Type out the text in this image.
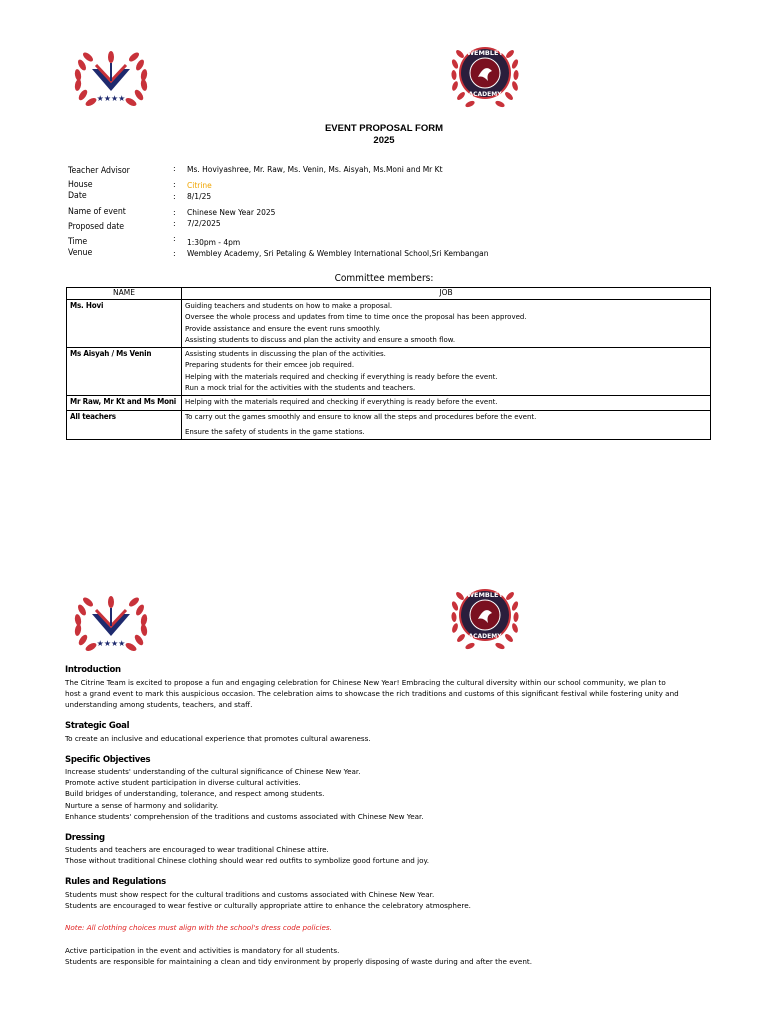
★★★★
WEMBLEY
ACADEMY
EVENT PROPOSAL FORM
2025
Teacher Advisor	: Ms. Hoviyashree, Mr. Raw, Ms. Venin, Ms. Aisyah, Ms.Moni and Mr Kt
House	: Citrine
Date	: 8/1/25
Name of event	: Chinese New Year 2025
Proposed date	: 7/2/2025
Time	: 1:30pm - 4pm
Venue	: Wembley Academy, Sri Petaling & Wembley International School,Sri Kembangan
Committee members:
NAME	JOB
Ms. Hovi	Guiding teachers and students on how to make a proposal.
Oversee the whole process and updates from time to time once the proposal has been approved.
Provide assistance and ensure the event runs smoothly.
Assisting students to discuss and plan the activity and ensure a smooth flow.

Ms Aisyah / Ms Venin	Assisting students in discussing the plan of the activities.
Preparing students for their emcee job required.
Helping with the materials required and checking if everything is ready before the event.
Run a mock trial for the activities with the students and teachers.

Mr Raw, Mr Kt and Ms Moni	Helping with the materials required and checking if everything is ready before the event.

All teachers	To carry out the games smoothly and ensure to know all the steps and procedures before the event.
Ensure the safety of students in the game stations.
★★★★
WEMBLEY
ACADEMY
Introduction
The Citrine Team is excited to propose a fun and engaging celebration for Chinese New Year! Embracing the cultural diversity within our school community, we plan to
host a grand event to mark this auspicious occasion. The celebration aims to showcase the rich traditions and customs of this significant festival while fostering unity and
understanding among students, teachers, and staff.
Strategic Goal
To create an inclusive and educational experience that promotes cultural awareness.
Specific Objectives
Increase students' understanding of the cultural significance of Chinese New Year.
Promote active student participation in diverse cultural activities.
Build bridges of understanding, tolerance, and respect among students.
Nurture a sense of harmony and solidarity.
Enhance students' comprehension of the traditions and customs associated with Chinese New Year.
Dressing
Students and teachers are encouraged to wear traditional Chinese attire.
Those without traditional Chinese clothing should wear red outfits to symbolize good fortune and joy.
Rules and Regulations
Students must show respect for the cultural traditions and customs associated with Chinese New Year.
Students are encouraged to wear festive or culturally appropriate attire to enhance the celebratory atmosphere.
Note: All clothing choices must align with the school's dress code policies.
Active participation in the event and activities is mandatory for all students.
Students are responsible for maintaining a clean and tidy environment by properly disposing of waste during and after the event.
